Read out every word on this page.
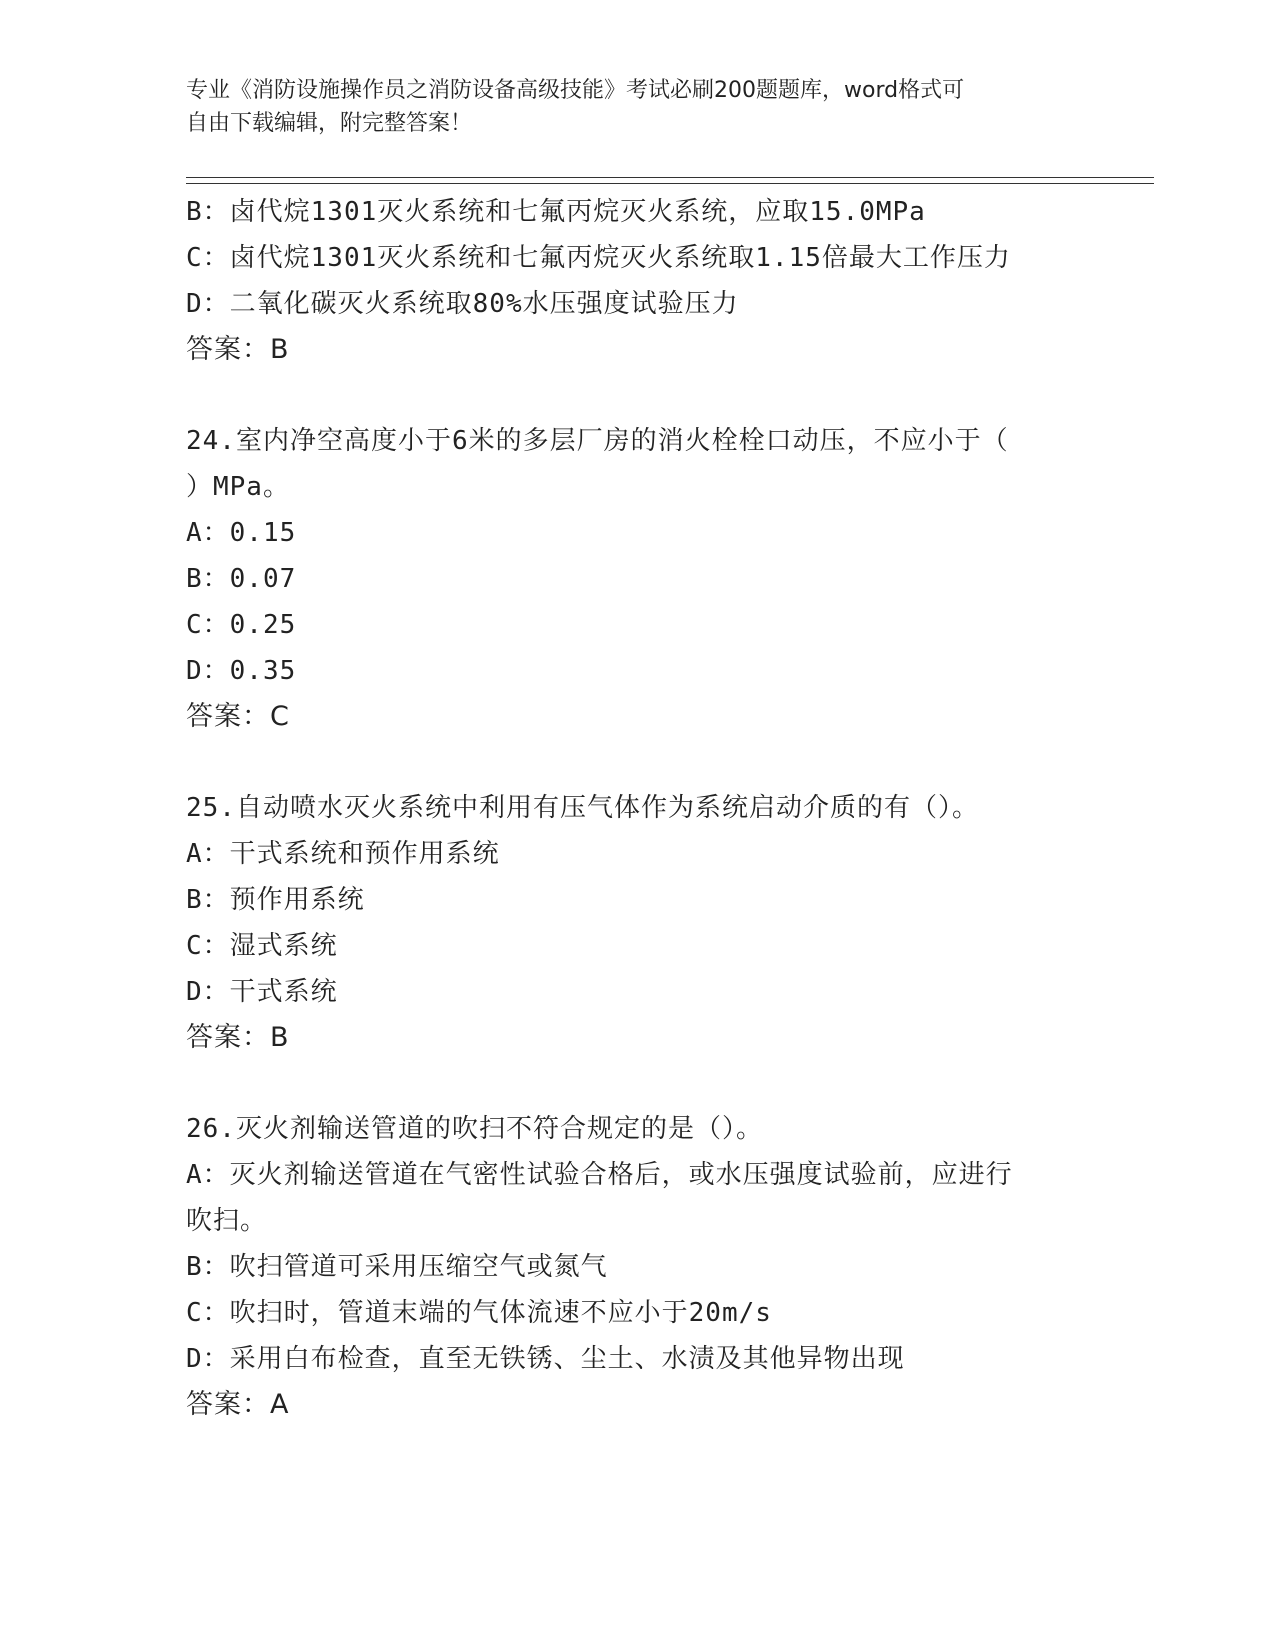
专业《消防设施操作员之消防设备高级技能》考试必刷200题题库，word格式可
自由下载编辑，附完整答案！
B：卤代烷1301灭火系统和七氟丙烷灭火系统，应取15.0MPa
C：卤代烷1301灭火系统和七氟丙烷灭火系统取1.15倍最大工作压力
D：二氧化碳灭火系统取80%水压强度试验压力
答案：B
24.室内净空高度小于6米的多层厂房的消火栓栓口动压，不应小于（
）MPa。
A：0.15
B：0.07
C：0.25
D：0.35
答案：C
25.自动喷水灭火系统中利用有压气体作为系统启动介质的有（）。
A：干式系统和预作用系统
B：预作用系统
C：湿式系统
D：干式系统
答案：B
26.灭火剂输送管道的吹扫不符合规定的是（）。
A：灭火剂输送管道在气密性试验合格后，或水压强度试验前，应进行
吹扫。
B：吹扫管道可采用压缩空气或氮气
C：吹扫时，管道末端的气体流速不应小于20m/s
D：采用白布检查，直至无铁锈、尘土、水渍及其他异物出现
答案：A
